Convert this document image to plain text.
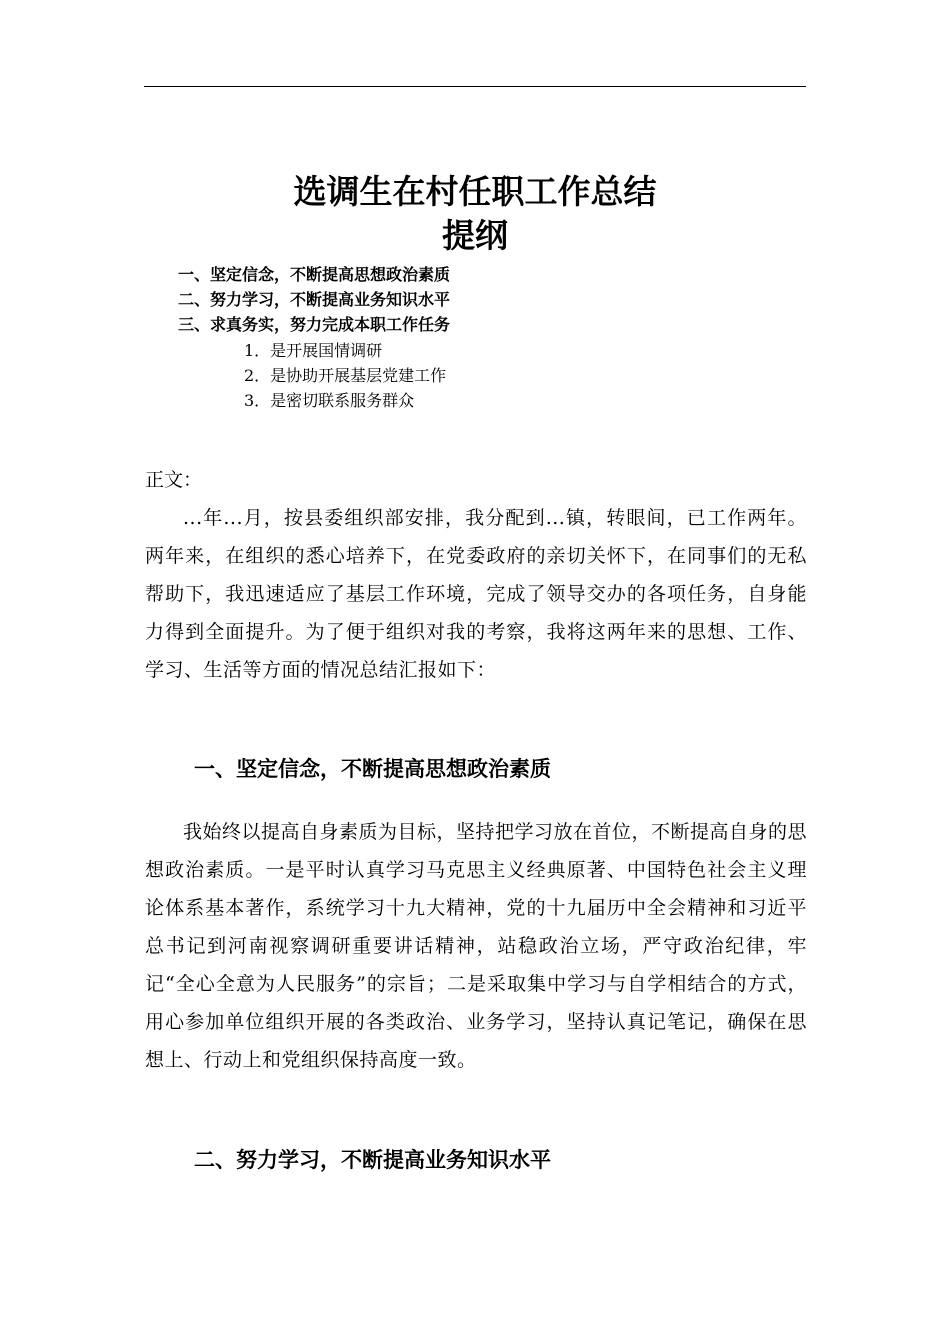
选调生在村任职工作总结
提纲
一、坚定信念，不断提高思想政治素质
二、努力学习，不断提高业务知识水平
三、求真务实，努力完成本职工作任务
1．是开展国情调研
2．是协助开展基层党建工作
3．是密切联系服务群众
正文：

...年...月，按县委组织部安排，我分配到...镇，转眼间，已工作两年。两年来，在组织的悉心培养下，在党委政府的亲切关怀下，在同事们的无私帮助下，我迅速适应了基层工作环境，完成了领导交办的各项任务，自身能力得到全面提升。为了便于组织对我的考察，我将这两年来的思想、工作、学习、生活等方面的情况总结汇报如下：

一、坚定信念，不断提高思想政治素质

我始终以提高自身素质为目标，坚持把学习放在首位，不断提高自身的思想政治素质。一是平时认真学习马克思主义经典原著、中国特色社会主义理论体系基本著作，系统学习十九大精神，党的十九届历中全会精神和习近平总书记到河南视察调研重要讲话精神，站稳政治立场，严守政治纪律，牢记“全心全意为人民服务”的宗旨；二是采取集中学习与自学相结合的方式，用心参加单位组织开展的各类政治、业务学习，坚持认真记笔记，确保在思想上、行动上和党组织保持高度一致。

二、努力学习，不断提高业务知识水平
